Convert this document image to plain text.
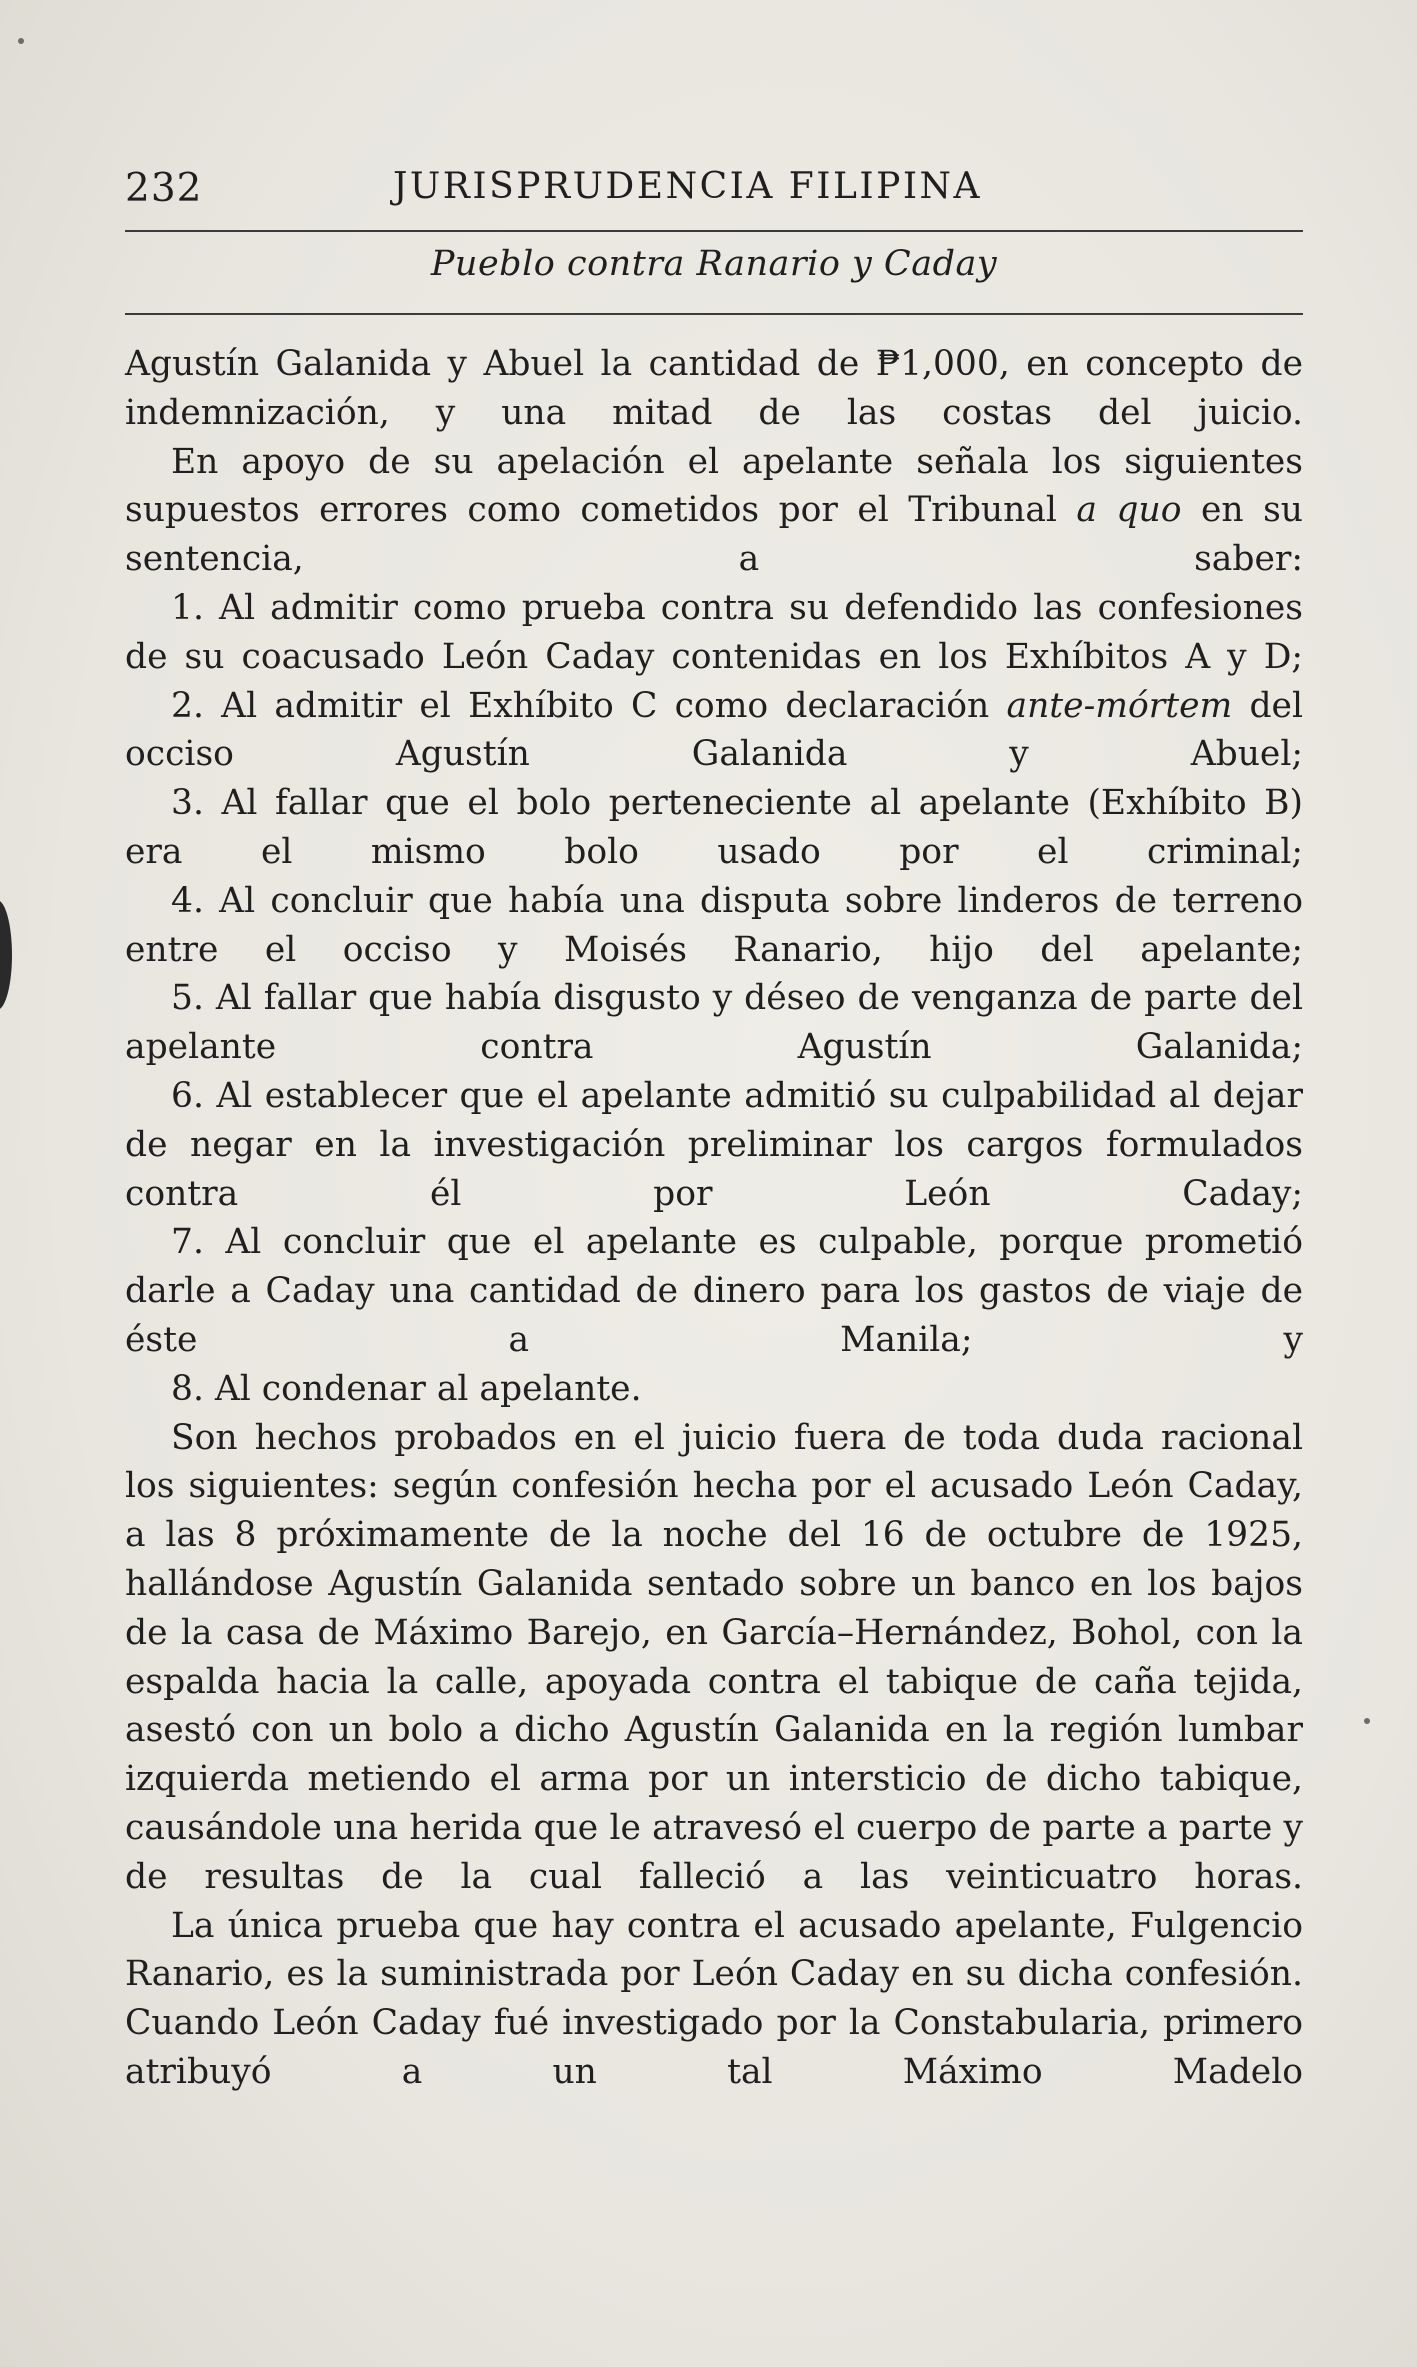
232	JURISPRUDENCIA FILIPINA
Pueblo contra Ranario y Caday

Agustín Galanida y Abuel la cantidad de ₱1,000, en concepto de indemnización, y una mitad de las costas del juicio.

En apoyo de su apelación el apelante señala los siguientes supuestos errores como cometidos por el Tribunal a quo en su sentencia, a saber:

1. Al admitir como prueba contra su defendido las confesiones de su coacusado León Caday contenidas en los Exhíbitos A y D;

2. Al admitir el Exhíbito C como declaración ante-mórtem del occiso Agustín Galanida y Abuel;

3. Al fallar que el bolo perteneciente al apelante (Exhíbito B) era el mismo bolo usado por el criminal;

4. Al concluir que había una disputa sobre linderos de terreno entre el occiso y Moisés Ranario, hijo del apelante;

5. Al fallar que había disgusto y déseo de venganza de parte del apelante contra Agustín Galanida;

6. Al establecer que el apelante admitió su culpabilidad al dejar de negar en la investigación preliminar los cargos formulados contra él por León Caday;

7. Al concluir que el apelante es culpable, porque prometió darle a Caday una cantidad de dinero para los gastos de viaje de éste a Manila; y

8. Al condenar al apelante.

Son hechos probados en el juicio fuera de toda duda racional los siguientes: según confesión hecha por el acusado León Caday, a las 8 próximamente de la noche del 16 de octubre de 1925, hallándose Agustín Galanida sentado sobre un banco en los bajos de la casa de Máximo Barejo, en García–Hernández, Bohol, con la espalda hacia la calle, apoyada contra el tabique de caña tejida, asestó con un bolo a dicho Agustín Galanida en la región lumbar izquierda metiendo el arma por un intersticio de dicho tabique, causándole una herida que le atravesó el cuerpo de parte a parte y de resultas de la cual falleció a las veinticuatro horas.

La única prueba que hay contra el acusado apelante, Fulgencio Ranario, es la suministrada por León Caday en su dicha confesión. Cuando León Caday fué investigado por la Constabularia, primero atribuyó a un tal Máximo Madelo
